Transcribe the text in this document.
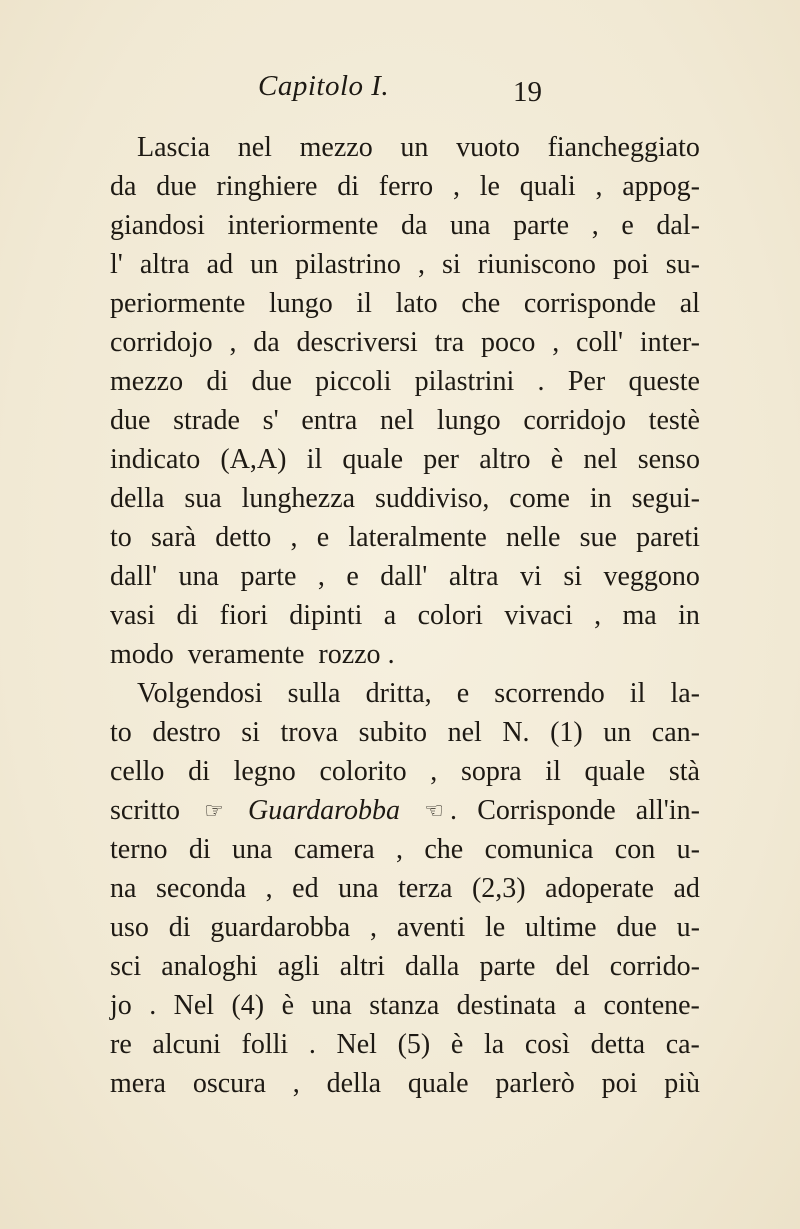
Capitolo I.	19
Lascia nel mezzo un vuoto fiancheggiato
da due ringhiere di ferro , le quali , appog-
giandosi interiormente da una parte , e dal-
l' altra ad un pilastrino , si riuniscono poi su-
periormente lungo il lato che corrisponde al
corridojo , da descriversi tra poco , coll' inter-
mezzo di due piccoli pilastrini . Per queste
due strade s' entra nel lungo corridojo testè
indicato (A,A) il quale per altro è nel senso
della sua lunghezza suddiviso, come in segui-
to sarà detto , e lateralmente nelle sue pareti
dall' una parte , e dall' altra vi si veggono
vasi di fiori dipinti a colori vivaci , ma in
modo
veramente
rozzo
.
Volgendosi sulla dritta, e scorrendo il la-
to destro si trova subito nel N. (1) un can-
cello di legno colorito , sopra il quale stà
scritto ☞ Guardarobba ☜ . Corrisponde all'in-
terno di una camera , che comunica con u-
na seconda , ed una terza (2,3) adoperate ad
uso di guardarobba , aventi le ultime due u-
sci analoghi agli altri dalla parte del corrido-
jo . Nel (4) è una stanza destinata a contene-
re alcuni folli . Nel (5) è la così detta ca-
mera oscura , della quale parlerò poi più
